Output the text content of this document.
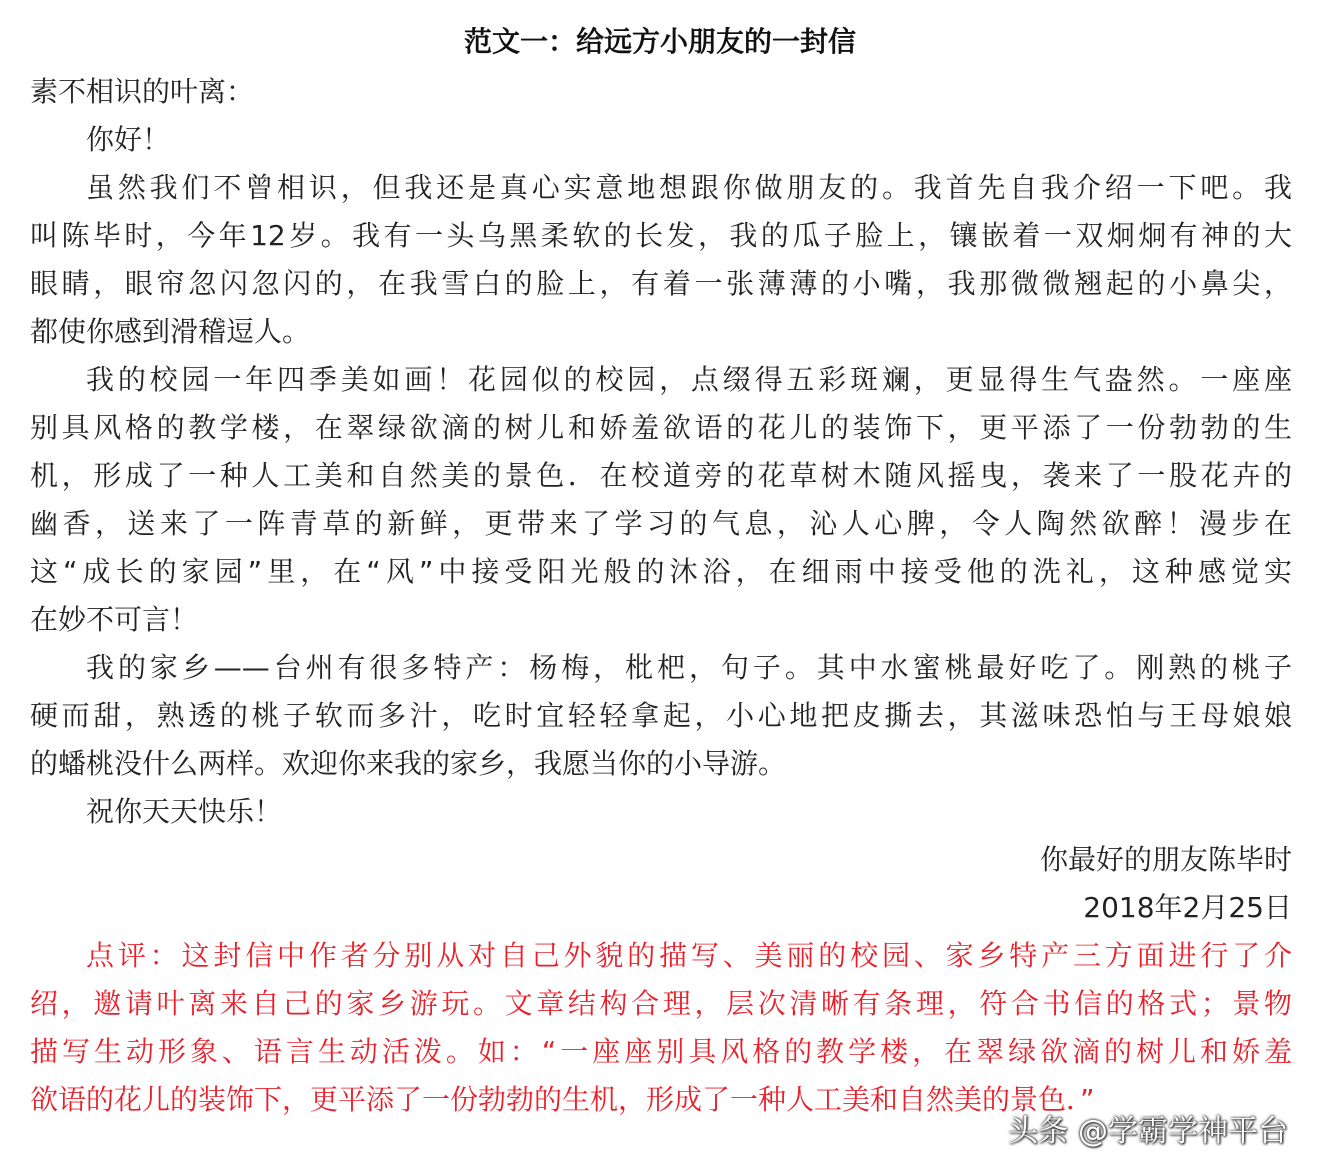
范文一：给远方小朋友的一封信
素不相识的叶离：
你好！
虽然我们不曾相识，但我还是真心实意地想跟你做朋友的。我首先自我介绍一下吧。我
叫陈毕时，今年12岁。我有一头乌黑柔软的长发，我的瓜子脸上，镶嵌着一双炯炯有神的大
眼睛，眼帘忽闪忽闪的，在我雪白的脸上，有着一张薄薄的小嘴，我那微微翘起的小鼻尖，
都使你感到滑稽逗人。
我的校园一年四季美如画！花园似的校园，点缀得五彩斑斓，更显得生气盎然。一座座
别具风格的教学楼，在翠绿欲滴的树儿和娇羞欲语的花儿的装饰下，更平添了一份勃勃的生
机，形成了一种人工美和自然美的景色．在校道旁的花草树木随风摇曳，袭来了一股花卉的
幽香，送来了一阵青草的新鲜，更带来了学习的气息，沁人心脾，令人陶然欲醉！漫步在
这“成长的家园”里，在“风”中接受阳光般的沐浴，在细雨中接受他的洗礼，这种感觉实
在妙不可言！
我的家乡——台州有很多特产：杨梅，枇杷，句子。其中水蜜桃最好吃了。刚熟的桃子
硬而甜，熟透的桃子软而多汁，吃时宜轻轻拿起，小心地把皮撕去，其滋味恐怕与王母娘娘
的蟠桃没什么两样。欢迎你来我的家乡，我愿当你的小导游。
祝你天天快乐！
你最好的朋友陈毕时
2018年2月25日
点评：这封信中作者分别从对自己外貌的描写、美丽的校园、家乡特产三方面进行了介
绍，邀请叶离来自己的家乡游玩。文章结构合理，层次清晰有条理，符合书信的格式；景物
描写生动形象、语言生动活泼。如：“一座座别具风格的教学楼，在翠绿欲滴的树儿和娇羞
欲语的花儿的装饰下，更平添了一份勃勃的生机，形成了一种人工美和自然美的景色．”
头条 @学霸学神平台
